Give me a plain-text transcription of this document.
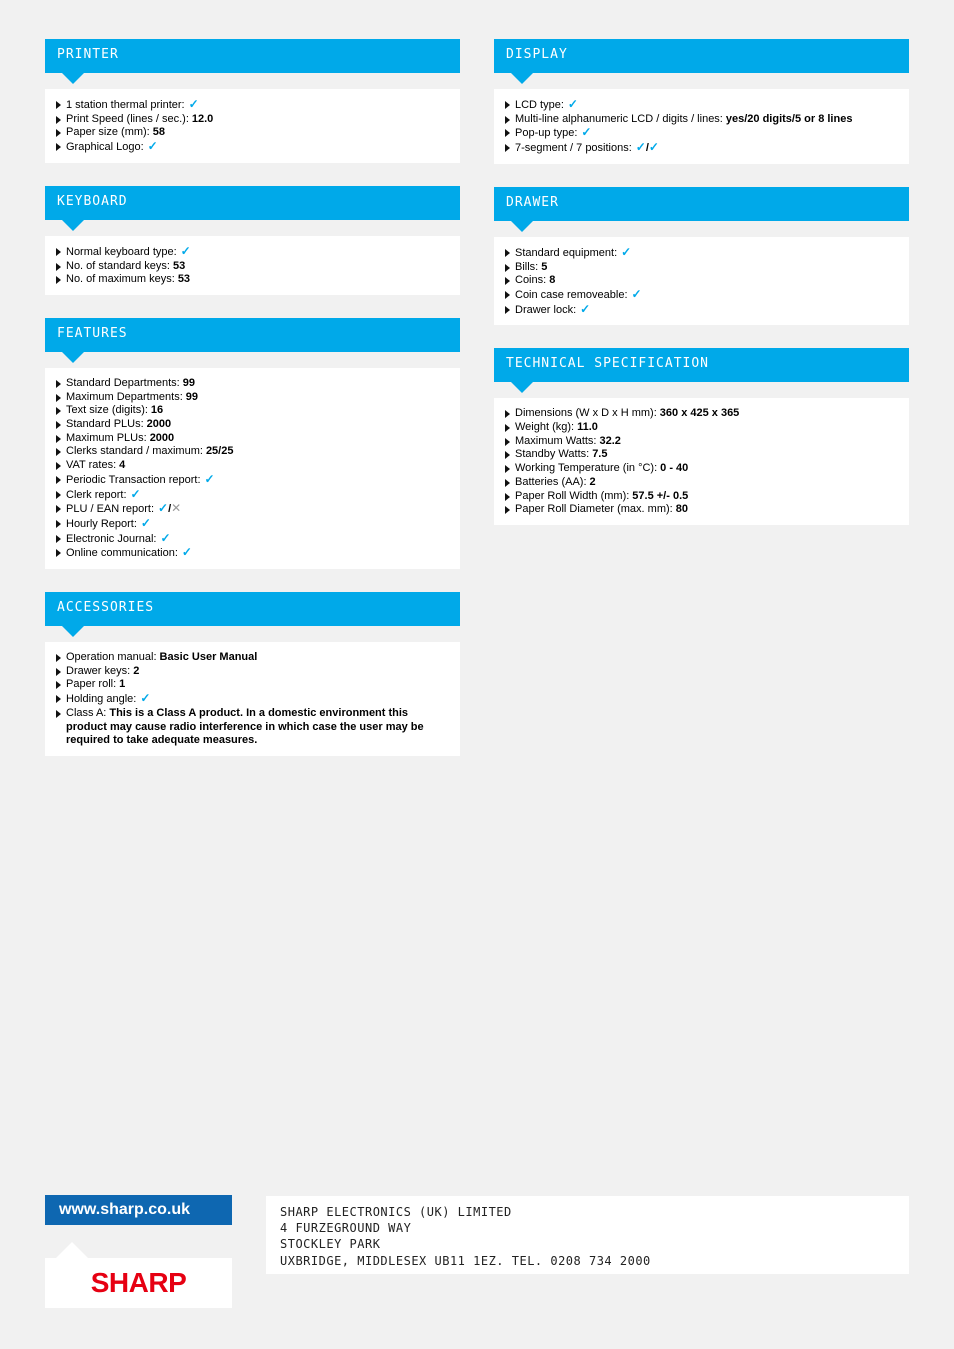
PRINTER
1 station thermal printer: ✓
Print Speed (lines / sec.): 12.0
Paper size (mm): 58
Graphical Logo: ✓
KEYBOARD
Normal keyboard type: ✓
No. of standard keys: 53
No. of maximum keys: 53
FEATURES
Standard Departments: 99
Maximum Departments: 99
Text size (digits): 16
Standard PLUs: 2000
Maximum PLUs: 2000
Clerks standard / maximum: 25/25
VAT rates: 4
Periodic Transaction report: ✓
Clerk report: ✓
PLU / EAN report: ✓/✕
Hourly Report: ✓
Electronic Journal: ✓
Online communication: ✓
ACCESSORIES
Operation manual: Basic User Manual
Drawer keys: 2
Paper roll: 1
Holding angle: ✓
Class A: This is a Class A product. In a domestic environment this product may cause radio interference in which case the user may be required to take adequate measures.
DISPLAY
LCD type: ✓
Multi-line alphanumeric LCD / digits / lines: yes/20 digits/5 or 8 lines
Pop-up type: ✓
7-segment / 7 positions: ✓/✓
DRAWER
Standard equipment: ✓
Bills: 5
Coins: 8
Coin case removeable: ✓
Drawer lock: ✓
TECHNICAL SPECIFICATION
Dimensions (W x D x H mm): 360 x 425 x 365
Weight (kg): 11.0
Maximum Watts: 32.2
Standby Watts: 7.5
Working Temperature (in °C): 0 - 40
Batteries (AA): 2
Paper Roll Width (mm): 57.5 +/- 0.5
Paper Roll Diameter (max. mm): 80
www.sharp.co.uk
SHARP
SHARP ELECTRONICS (UK) LIMITED
4 FURZEGROUND WAY
STOCKLEY PARK
UXBRIDGE, MIDDLESEX UB11 1EZ. TEL. 0208 734 2000
